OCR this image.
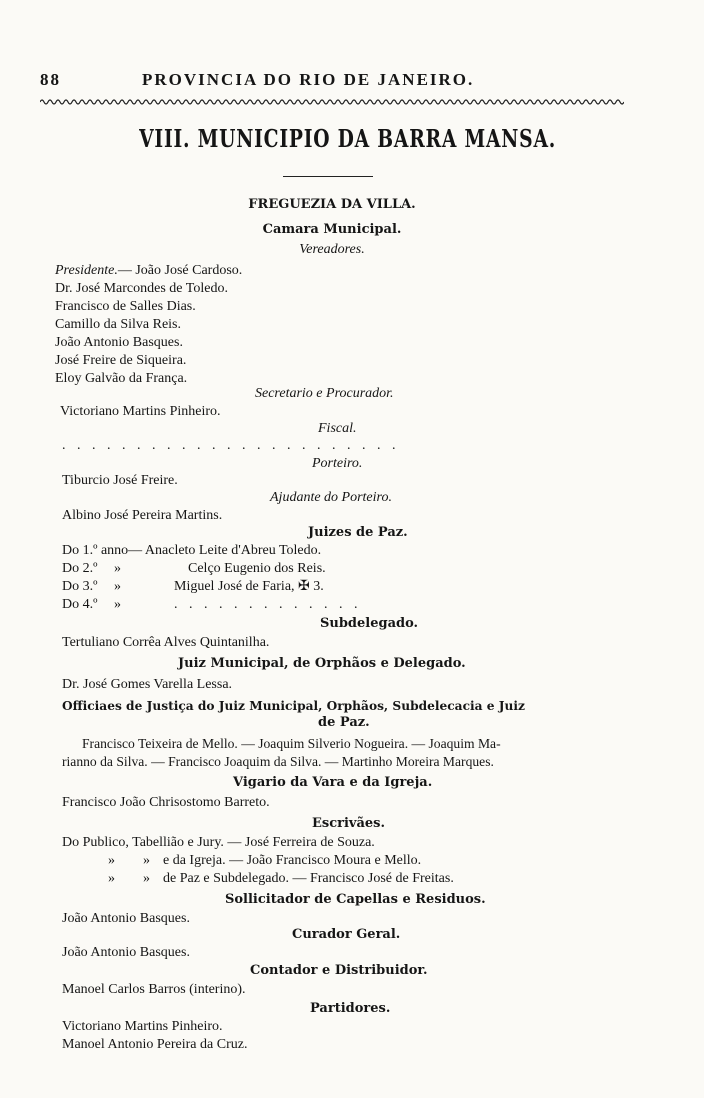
88	PROVINCIA DO RIO DE JANEIRO.
VIII. MUNICIPIO DA BARRA MANSA.
FREGUEZIA DA VILLA.
Camara Municipal.
Vereadores.
Presidente.— João José Cardoso.
Dr. José Marcondes de Toledo.
Francisco de Salles Dias.
Camillo da Silva Reis.
João Antonio Basques.
José Freire de Siqueira.
Eloy Galvão da França.
Secretario e Procurador.
Victoriano Martins Pinheiro.
Fiscal.
. . . . . . . . . . . . . . . . . . . . . . .
Porteiro.
Tiburcio José Freire.
Ajudante do Porteiro.
Albino José Pereira Martins.
Juizes de Paz.
Do 1.º anno— Anacleto Leite d'Abreu Toledo.
Do 2.º »	Celço Eugenio dos Reis.
Do 3.º »	Miguel José de Faria, ✠ 3.
Do 4.º »	. . . . . . . . . . . . .
Subdelegado.
Tertuliano Corrêa Alves Quintanilha.
Juiz Municipal, de Orphãos e Delegado.
Dr. José Gomes Varella Lessa.
Officiaes de Justiça do Juiz Municipal, Orphãos, Subdelecacia e Juiz
de Paz.
Francisco Teixeira de Mello. — Joaquim Silverio Nogueira. — Joaquim Ma-
rianno da Silva. — Francisco Joaquim da Silva. — Martinho Moreira Marques.
Vigario da Vara e da Igreja.
Francisco João Chrisostomo Barreto.
Escrivães.
Do Publico, Tabellião e Jury. — José Ferreira de Souza.
» » e da Igreja. — João Francisco Moura e Mello.
» » de Paz e Subdelegado. — Francisco José de Freitas.
Sollicitador de Capellas e Residuos.
João Antonio Basques.
Curador Geral.
João Antonio Basques.
Contador e Distribuidor.
Manoel Carlos Barros (interino).
Partidores.
Victoriano Martins Pinheiro.
Manoel Antonio Pereira da Cruz.
